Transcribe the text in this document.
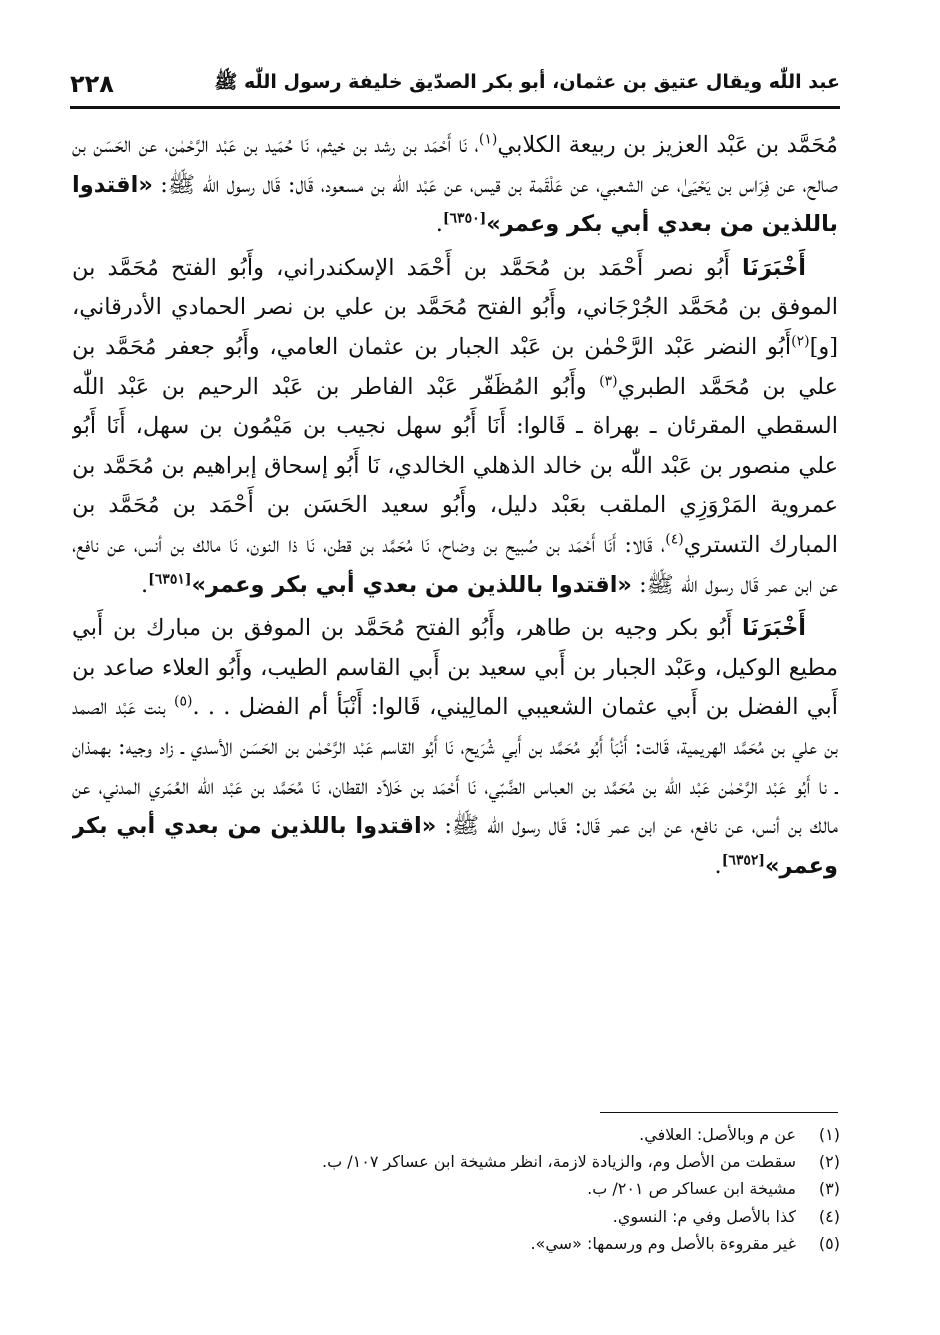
عبد اللّٰه ويقال عتيق بن عثمان، أبو بكر الصدّيق خليفة رسول اللّٰه ﷺ
٢٢٨

مُحَمَّد بن عَبْد العزيز بن ربيعة الكلابي$^{(١)}$، نَا أَحْمَد بن رشد بن خيثم، نَا حُمَيد بن عَبْد الرَّحْمٰن، عن الحَسَن بن صالح، عن فِرَاس بن يَحْيَىٰ، عن الشعبي، عن عَلْقَمة بن قيس، عن عَبْد اللّٰه بن مسعود، قَال: قَال رسول اللّٰه ﷺ: «اقتدوا باللذين من بعدي أبي بكر وعمر»[٦٣٥٠].

أَخْبَرَنَا أَبُو نصر أَحْمَد بن مُحَمَّد بن أَحْمَد الإسكندراني، وأَبُو الفتح مُحَمَّد بن الموفق بن مُحَمَّد الجُرْجَاني، وأَبُو الفتح مُحَمَّد بن علي بن نصر الحمادي الأدرقاني، [و]$^{(٢)}$أَبُو النضر عَبْد الرَّحْمٰن بن عَبْد الجبار بن عثمان العامي، وأَبُو جعفر مُحَمَّد بن علي بن مُحَمَّد الطبري$^{(٣)}$ وأَبُو المُظَفّر عَبْد الفاطر بن عَبْد الرحيم بن عَبْد اللّٰه السقطي المقرئان ـ بهراة ـ قَالوا: أَنَا أَبُو سهل نجيب بن مَيْمُون بن سهل، أَنَا أَبُو علي منصور بن عَبْد اللّٰه بن خالد الذهلي الخالدي، نَا أَبُو إسحاق إبراهيم بن مُحَمَّد بن عمروية المَرْوَزِي الملقب بعَبْد دليل، وأَبُو سعيد الحَسَن بن أَحْمَد بن مُحَمَّد بن المبارك التستري$^{(٤)}$، قَالا: أَنَا أَحْمَد بن صُبيح بن وضاح، نَا مُحَمَّد بن قطن، نَا ذا النون، نَا مالك بن أنس، عن نافع، عن ابن عمر قَال رسول اللّٰه ﷺ: «اقتدوا باللذين من بعدي أبي بكر وعمر»[٦٣٥١].

أَخْبَرَنَا أَبُو بكر وجيه بن طاهر، وأَبُو الفتح مُحَمَّد بن الموفق بن مبارك بن أَبي مطيع الوكيل، وعَبْد الجبار بن أَبي سعيد بن أَبي القاسم الطيب، وأَبُو العلاء صاعد بن أَبي الفضل بن أَبي عثمان الشعيبي المالِيني، قَالوا: أَنْبَأ أم الفضل . . .$^{(٥)}$ بنت عَبْد الصمد بن علي بن مُحَمَّد الهريمية، قَالت: أَنْبَأ أَبُو مُحَمَّد بن أَبي شُرَيح، نَا أَبُو القاسم عَبْد الرَّحْمٰن بن الحَسَن الأسدي ـ زاد وجيه: بهمذان ـ نا أَبُو عَبْد الرَّحْمٰن عَبْد اللّٰه بن مُحَمَّد بن العباس الضَّبّي، نَا أَحْمَد بن خَلاّد القطان، نَا مُحَمَّد بن عَبْد اللّٰه العُمَري المدني، عن مالك بن أنس، عن نافع، عن ابن عمر قَال: قَال رسول اللّٰه ﷺ: «اقتدوا باللذين من بعدي أبي بكر وعمر»[٦٣٥٢].

(١)
عن م وبالأصل: العلافي.
(٢)
سقطت من الأصل وم، والزيادة لازمة، انظر مشيخة ابن عساكر ١٠٧/ ب.
(٣)
مشيخة ابن عساكر ص ٢٠١/ ب.
(٤)
كذا بالأصل وفي م: النسوي.
(٥)
غير مقروءة بالأصل وم ورسمها: «سي».
